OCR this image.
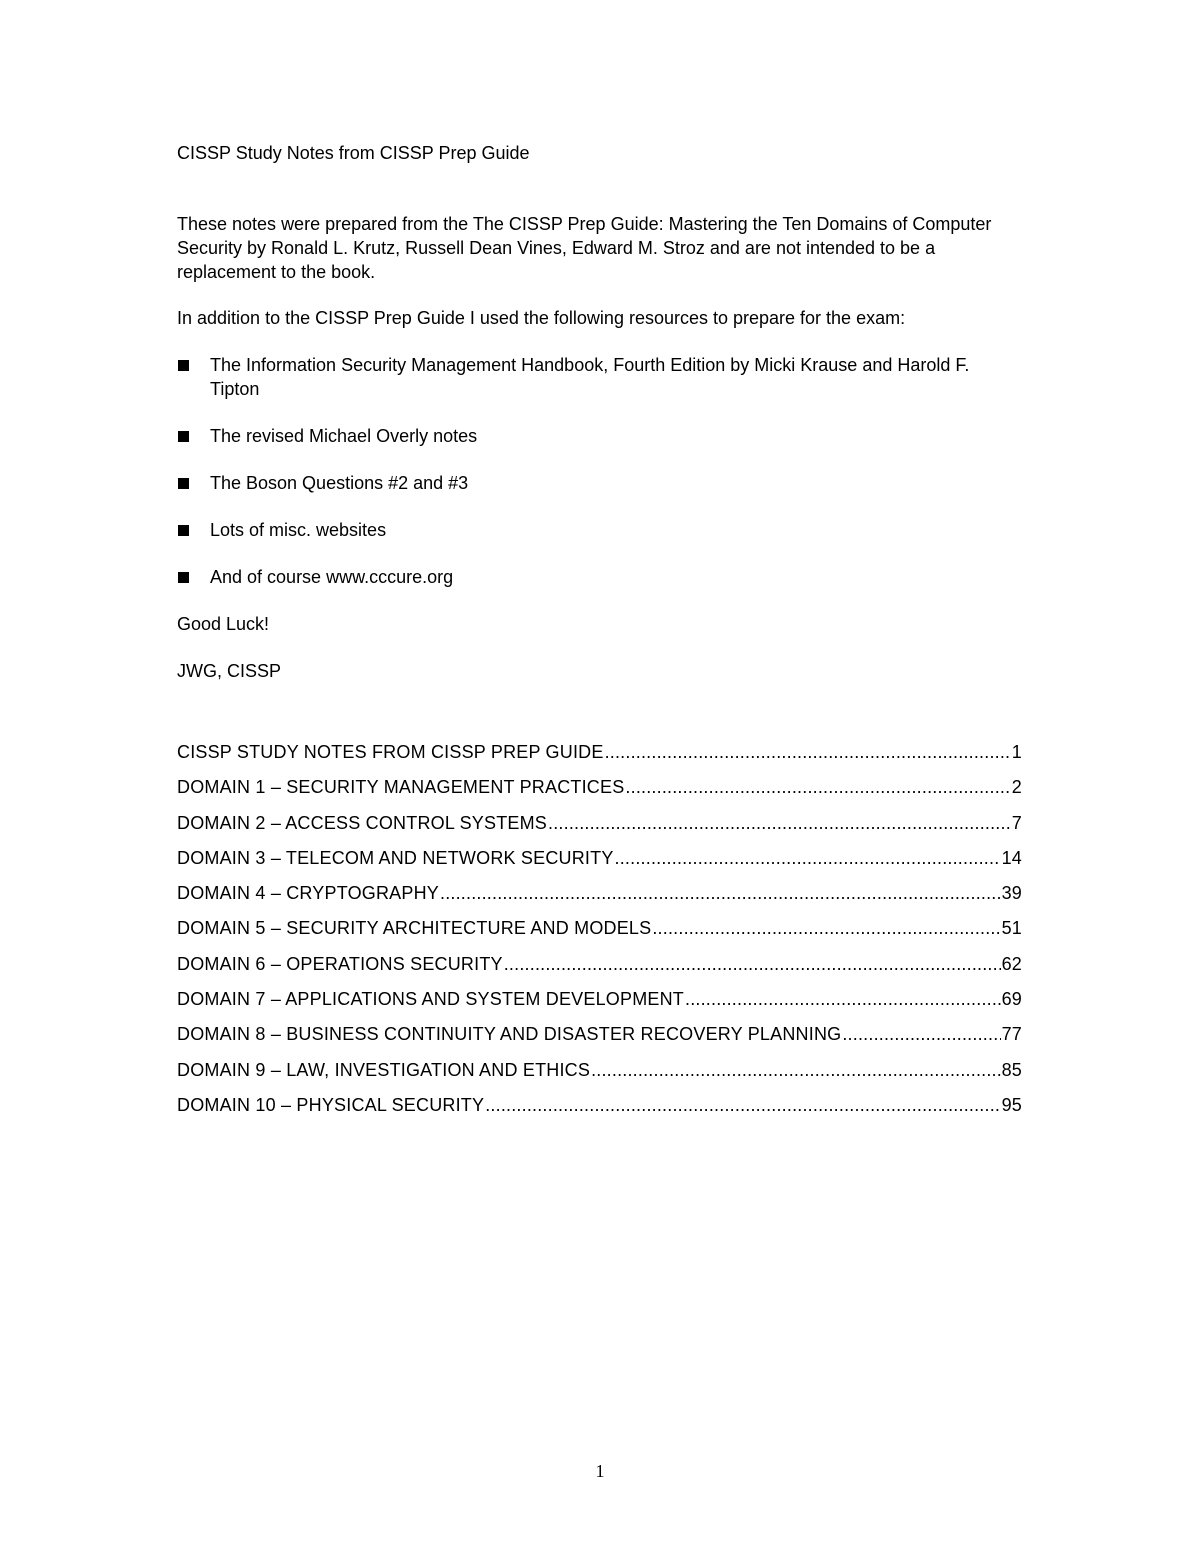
CISSP Study Notes from CISSP Prep Guide
These notes were prepared from the The CISSP Prep Guide: Mastering the Ten Domains of Computer Security by Ronald L. Krutz, Russell Dean Vines, Edward M. Stroz and are not intended to be a replacement to the book.
In addition to the CISSP Prep Guide I used the following resources to prepare for the exam:
The Information Security Management Handbook, Fourth Edition by Micki Krause and Harold F. Tipton
The revised Michael Overly notes
The Boson Questions #2 and #3
Lots of misc. websites
And of course www.cccure.org
Good Luck!
JWG, CISSP
CISSP STUDY NOTES FROM CISSP PREP GUIDE .....	1
DOMAIN 1 – SECURITY MANAGEMENT PRACTICES .....	2
DOMAIN 2 – ACCESS CONTROL SYSTEMS .....	7
DOMAIN 3 – TELECOM AND NETWORK SECURITY .....	14
DOMAIN 4 – CRYPTOGRAPHY .....	39
DOMAIN 5 – SECURITY ARCHITECTURE AND MODELS .....	51
DOMAIN 6 – OPERATIONS SECURITY .....	62
DOMAIN 7 – APPLICATIONS AND SYSTEM DEVELOPMENT .....	69
DOMAIN 8 – BUSINESS CONTINUITY AND DISASTER RECOVERY PLANNING .....	77
DOMAIN 9 – LAW, INVESTIGATION AND ETHICS .....	85
DOMAIN 10 – PHYSICAL SECURITY .....	95
1
